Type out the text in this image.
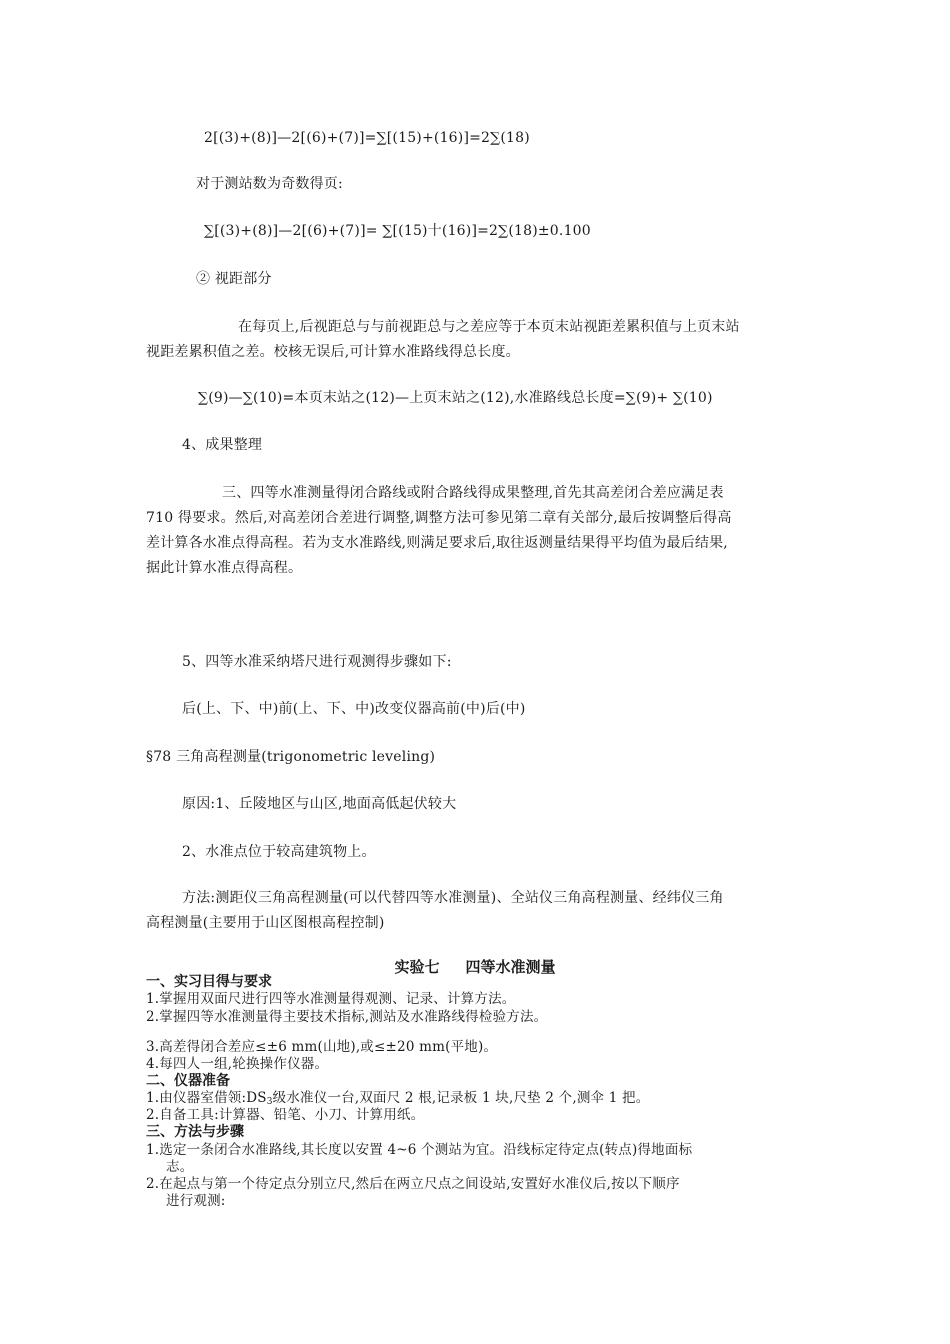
2[(3)+(8)]—2[(6)+(7)]=∑[(15)+(16)]=2∑(18)
对于测站数为奇数得页:
∑[(3)+(8)]—2[(6)+(7)]= ∑[(15)十(16)]=2∑(18)±0.100
② 视距部分
在每页上,后视距总与与前视距总与之差应等于本页末站视距差累积值与上页末站
视距差累积值之差。校核无误后,可计算水准路线得总长度。
∑(9)—∑(10)=本页末站之(12)—上页末站之(12),水准路线总长度=∑(9)+ ∑(10)
4、成果整理
三、四等水准测量得闭合路线或附合路线得成果整理,首先其高差闭合差应满足表
710 得要求。然后,对高差闭合差进行调整,调整方法可参见第二章有关部分,最后按调整后得高
差计算各水准点得高程。若为支水准路线,则满足要求后,取往返测量结果得平均值为最后结果,
据此计算水准点得高程。
5、四等水准采纳塔尺进行观测得步骤如下:
后(上、下、中)前(上、下、中)改变仪器高前(中)后(中)
§78 三角高程测量(trigonometric leveling)
原因:1、丘陵地区与山区,地面高低起伏较大
2、水准点位于较高建筑物上。
方法:测距仪三角高程测量(可以代替四等水准测量)、全站仪三角高程测量、经纬仪三角
高程测量(主要用于山区图根高程控制)
实验七 四等水准测量
一、实习目得与要求
1.掌握用双面尺进行四等水准测量得观测、记录、计算方法。
2.掌握四等水准测量得主要技术指标,测站及水准路线得检验方法。
3.高差得闭合差应≤±6 mm(山地),或≤±20 mm(平地)。
4.每四人一组,轮换操作仪器。
二、仪器准备
1.由仪器室借领$:DS_3$级水准仪一台,双面尺 2 根,记录板 1 块,尺垫 2 个,测伞 1 把。
2.自备工具:计算器、铅笔、小刀、计算用纸。
三、方法与步骤
1.选定一条闭合水准路线,其长度以安置 4~6 个测站为宜。沿线标定待定点(转点)得地面标
志。
2.在起点与第一个待定点分别立尺,然后在两立尺点之间设站,安置好水准仪后,按以下顺序
进行观测:
